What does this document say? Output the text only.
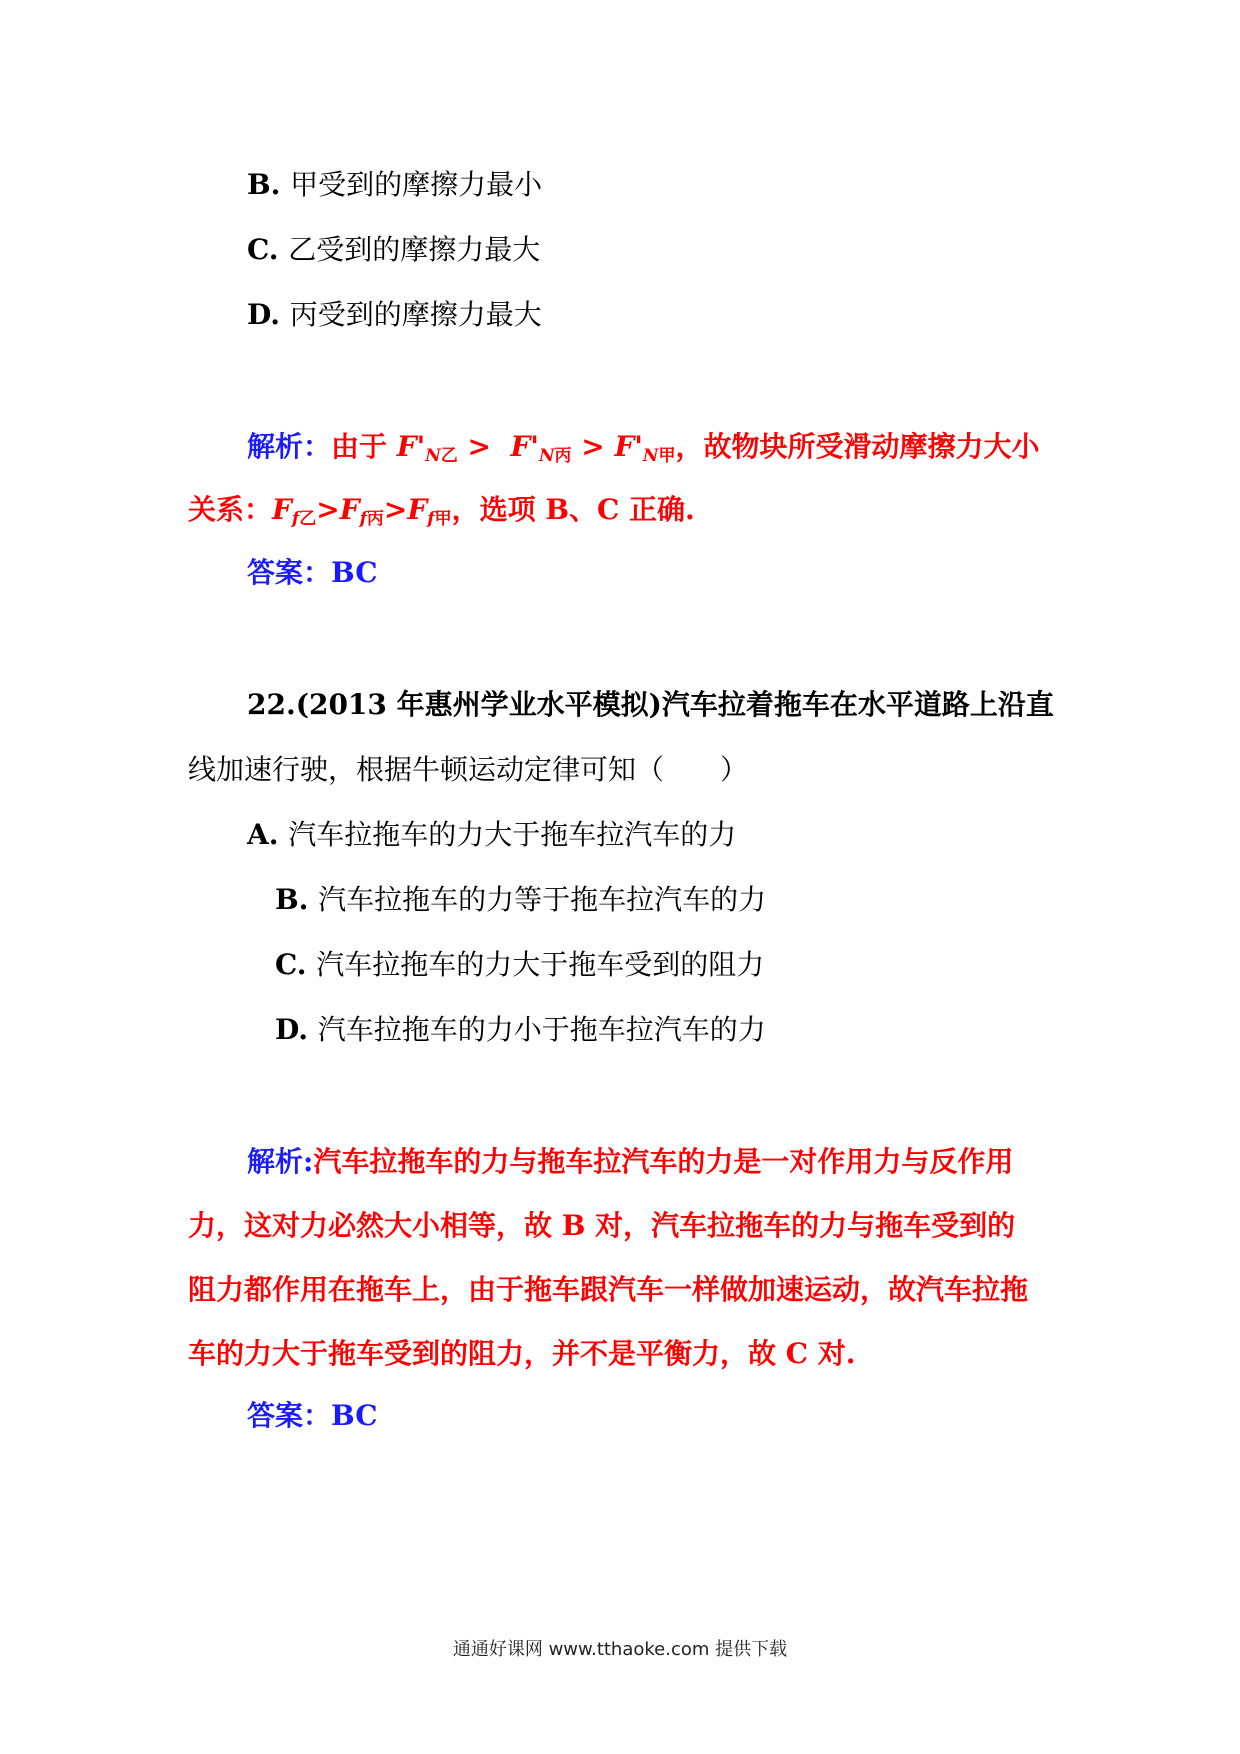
B. 甲受到的摩擦力最小
C. 乙受到的摩擦力最大
D. 丙受到的摩擦力最大
解析：由于 $F'_{N乙} > F'_{N丙} > F'_{N甲}$，故物块所受滑动摩擦力大小
关系：$F_{f乙}>F_{f丙}>F_{f甲}$，选项 B、C 正确.
答案：BC
22.(2013 年惠州学业水平模拟)汽车拉着拖车在水平道路上沿直
线加速行驶，根据牛顿运动定律可知（　　）
A. 汽车拉拖车的力大于拖车拉汽车的力
B. 汽车拉拖车的力等于拖车拉汽车的力
C. 汽车拉拖车的力大于拖车受到的阻力
D. 汽车拉拖车的力小于拖车拉汽车的力
解析:汽车拉拖车的力与拖车拉汽车的力是一对作用力与反作用
力，这对力必然大小相等，故 B 对，汽车拉拖车的力与拖车受到的
阻力都作用在拖车上，由于拖车跟汽车一样做加速运动，故汽车拉拖
车的力大于拖车受到的阻力，并不是平衡力，故 C 对.
答案：BC
通通好课网 www.tthaoke.com 提供下载
